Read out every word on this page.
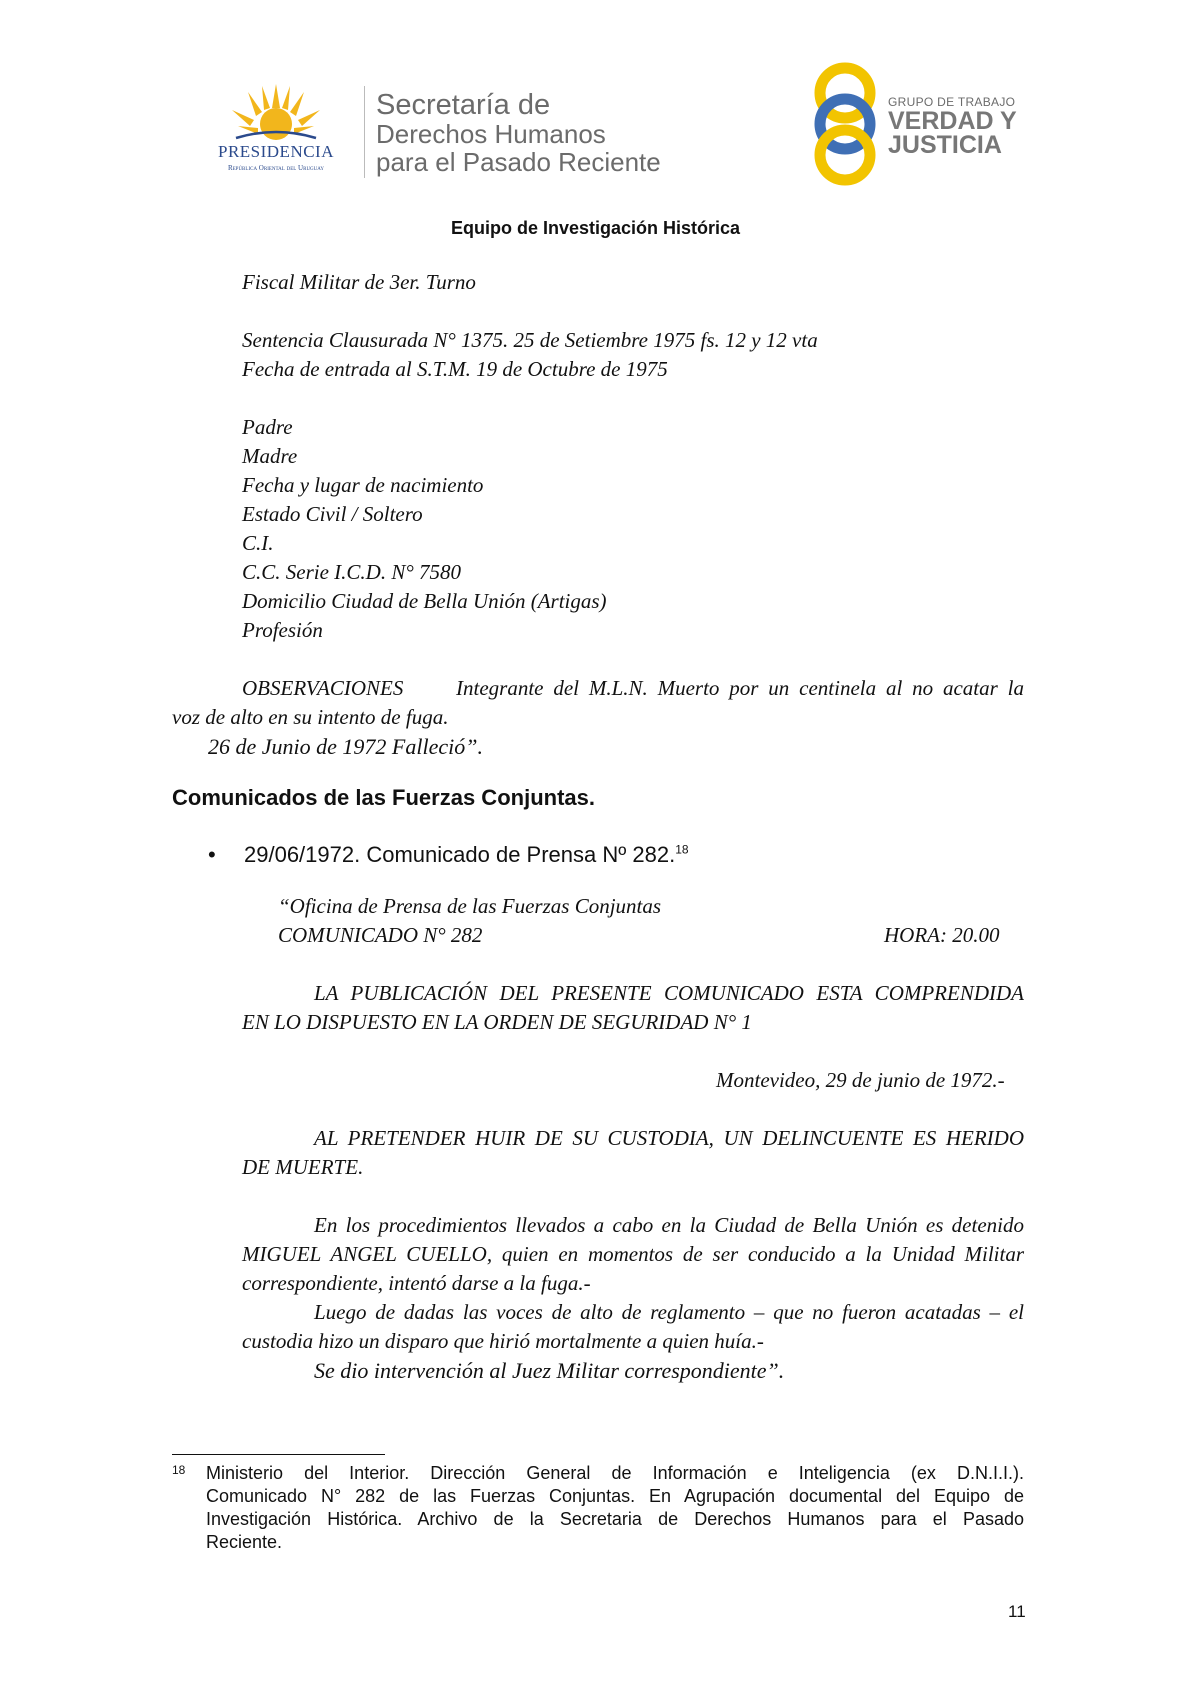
PRESIDENCIA
República Oriental del Uruguay
Secretaría de
Derechos Humanos
para el Pasado Reciente
GRUPO DE TRABAJO
VERDAD Y
JUSTICIA
Equipo de Investigación Histórica
Fiscal Militar de 3er. Turno
Sentencia Clausurada N° 1375. 25 de Setiembre 1975 fs. 12 y 12 vta
Fecha de entrada al S.T.M. 19 de Octubre de 1975
Padre
Madre
Fecha y lugar de nacimiento
Estado Civil / Soltero
C.I.
C.C. Serie I.C.D. N° 7580
Domicilio Ciudad de Bella Unión (Artigas)
Profesión
OBSERVACIONES	Integrante del M.L.N. Muerto por un centinela al no acatar la
voz de alto en su intento de fuga.
26 de Junio de 1972 Falleció”.
Comunicados de las Fuerzas Conjuntas.
• 29/06/1972. Comunicado de Prensa Nº 282.18
“Oficina de Prensa de las Fuerzas Conjuntas
COMUNICADO N° 282	HORA: 20.00
LA PUBLICACIÓN DEL PRESENTE COMUNICADO ESTA COMPRENDIDA
EN LO DISPUESTO EN LA ORDEN DE SEGURIDAD N° 1
Montevideo, 29 de junio de 1972.-
AL PRETENDER HUIR DE SU CUSTODIA, UN DELINCUENTE ES HERIDO
DE MUERTE.
En los procedimientos llevados a cabo en la Ciudad de Bella Unión es detenido
MIGUEL ANGEL CUELLO, quien en momentos de ser conducido a la Unidad Militar
correspondiente, intentó darse a la fuga.-
Luego de dadas las voces de alto de reglamento – que no fueron acatadas – el
custodia hizo un disparo que hirió mortalmente a quien huía.-
Se dio intervención al Juez Militar correspondiente”.
18 Ministerio del Interior. Dirección General de Información e Inteligencia (ex D.N.I.I.).
Comunicado N° 282 de las Fuerzas Conjuntas. En Agrupación documental del Equipo de
Investigación Histórica. Archivo de la Secretaria de Derechos Humanos para el Pasado
Reciente.
11
